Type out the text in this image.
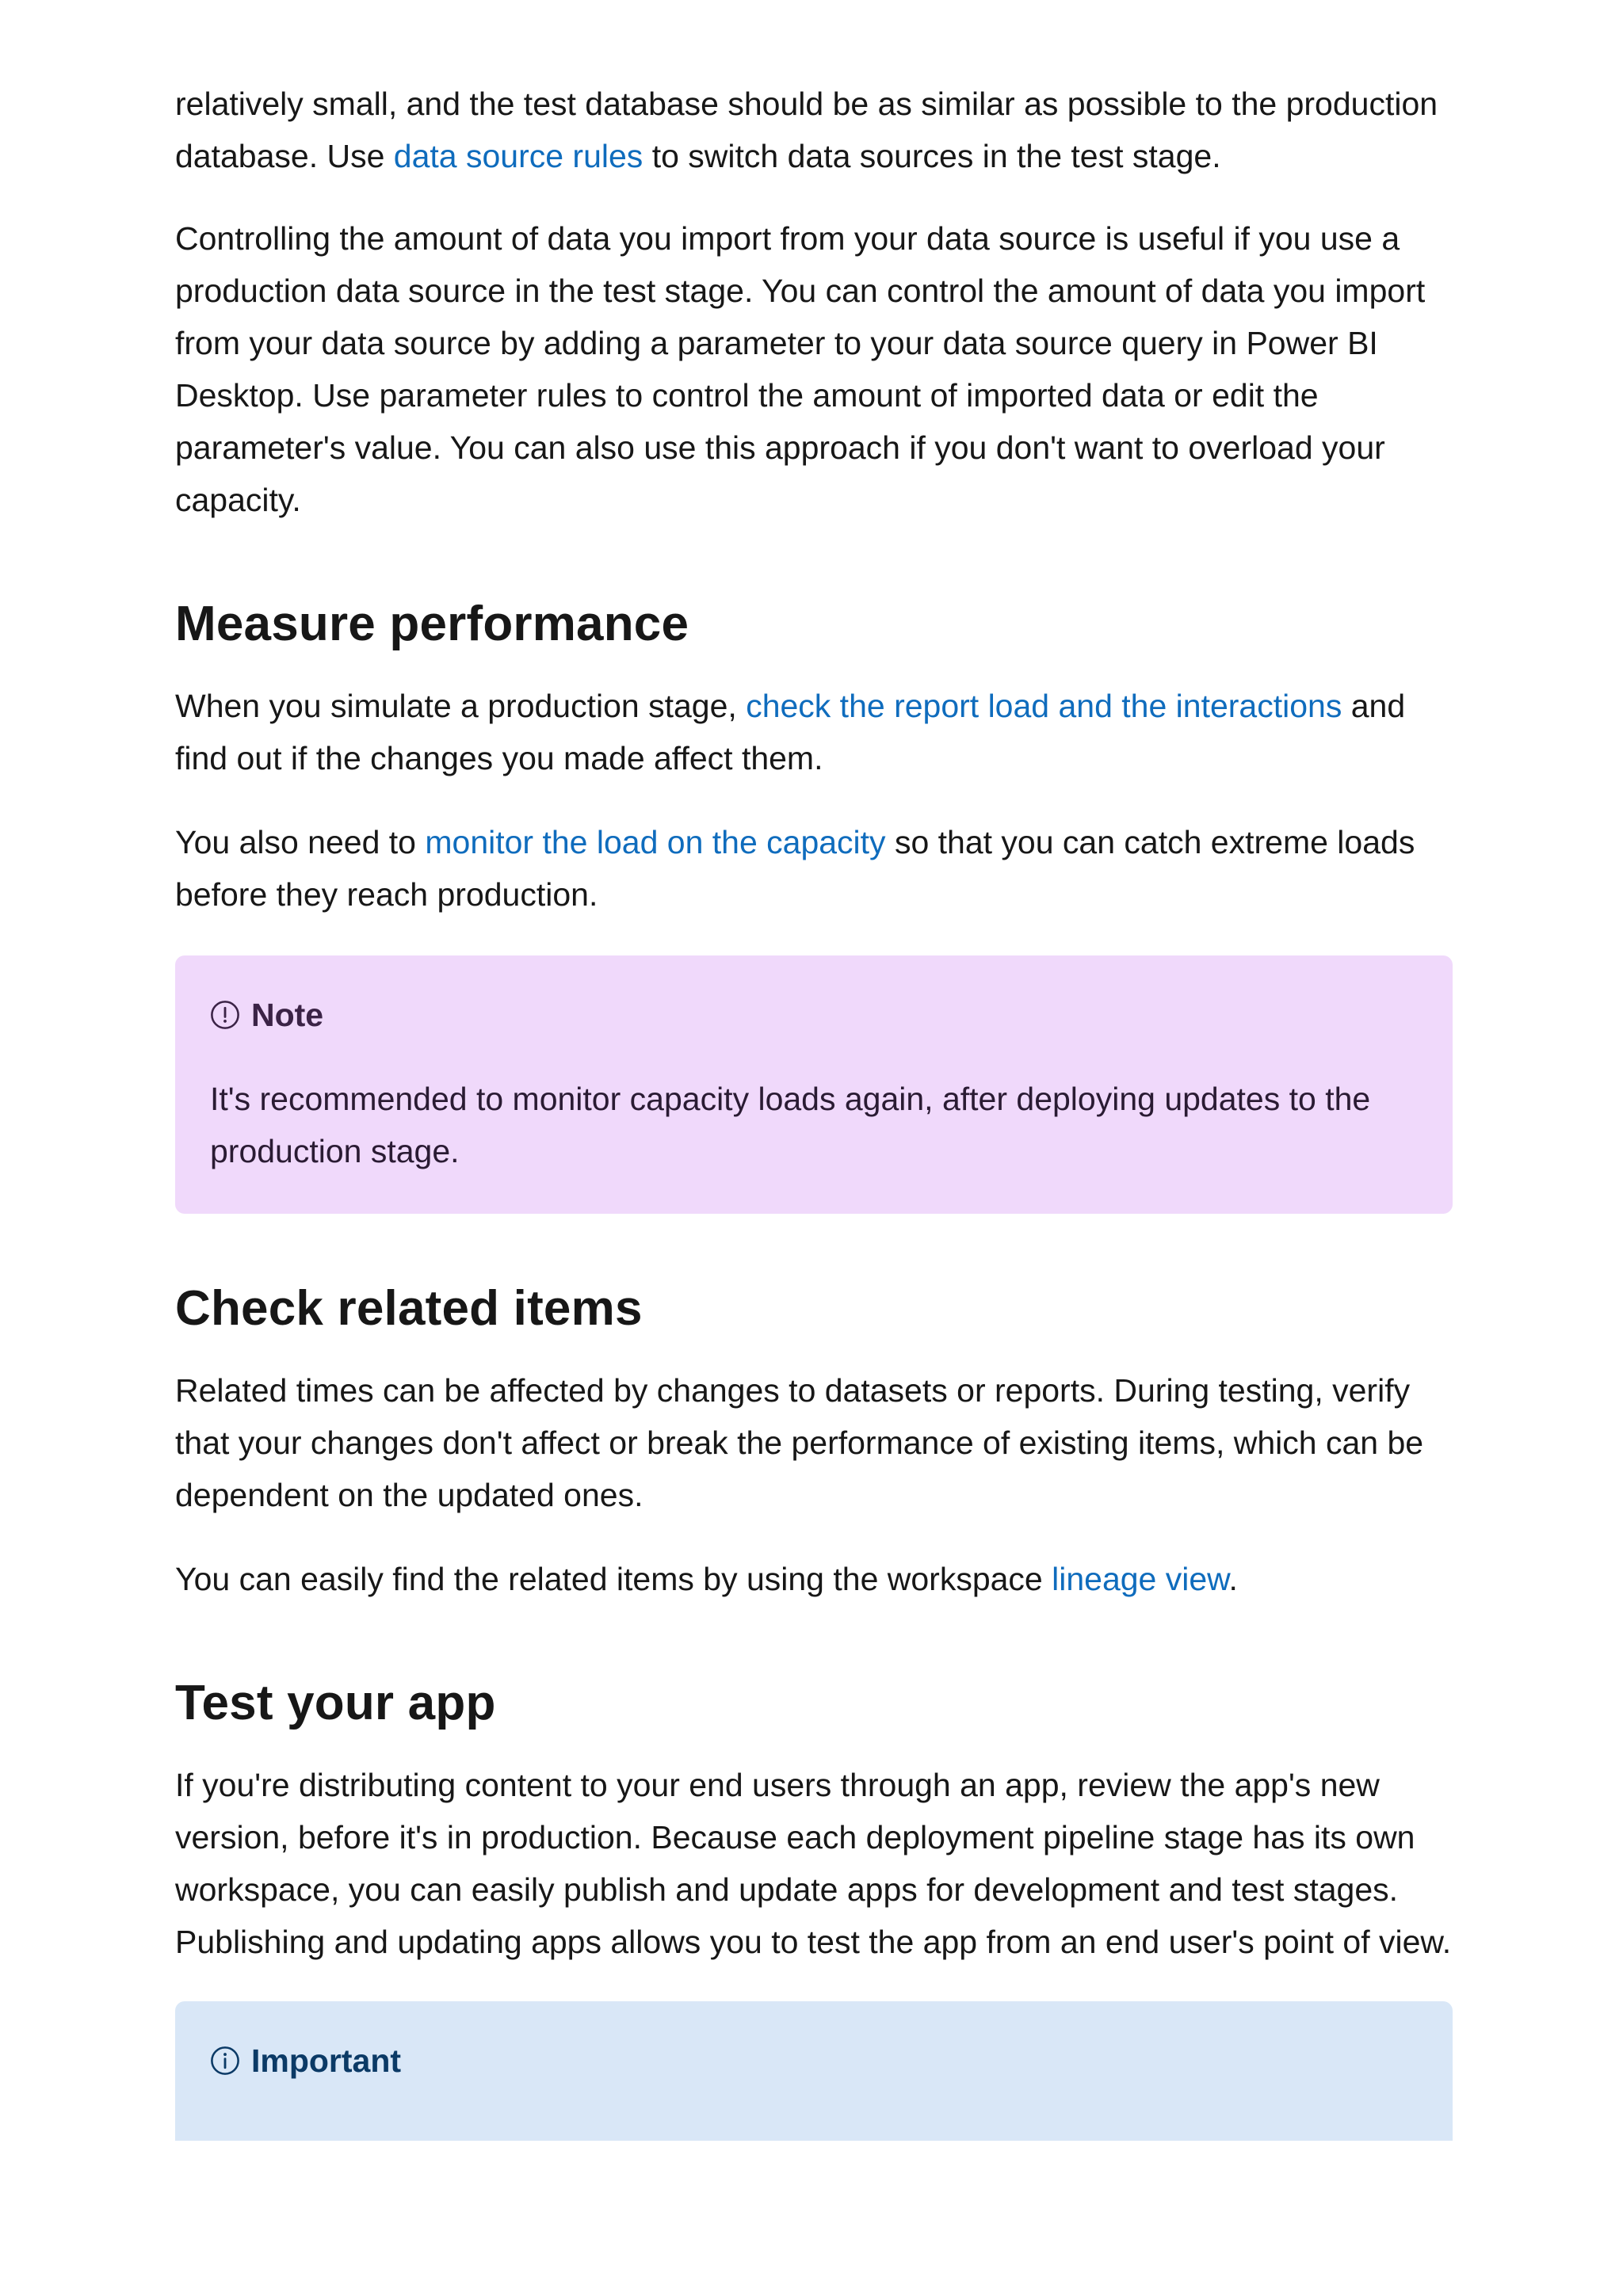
relatively small, and the test database should be as similar as possible to the production database. Use data source rules to switch data sources in the test stage.

Controlling the amount of data you import from your data source is useful if you use a production data source in the test stage. You can control the amount of data you import from your data source by adding a parameter to your data source query in Power BI Desktop. Use parameter rules to control the amount of imported data or edit the parameter's value. You can also use this approach if you don't want to overload your capacity.

Measure performance

When you simulate a production stage, check the report load and the interactions and find out if the changes you made affect them.

You also need to monitor the load on the capacity so that you can catch extreme loads before they reach production.

Note

It's recommended to monitor capacity loads again, after deploying updates to the production stage.

Check related items

Related times can be affected by changes to datasets or reports. During testing, verify that your changes don't affect or break the performance of existing items, which can be dependent on the updated ones.

You can easily find the related items by using the workspace lineage view.

Test your app

If you're distributing content to your end users through an app, review the app's new version, before it's in production. Because each deployment pipeline stage has its own workspace, you can easily publish and update apps for development and test stages. Publishing and updating apps allows you to test the app from an end user's point of view.

Important
